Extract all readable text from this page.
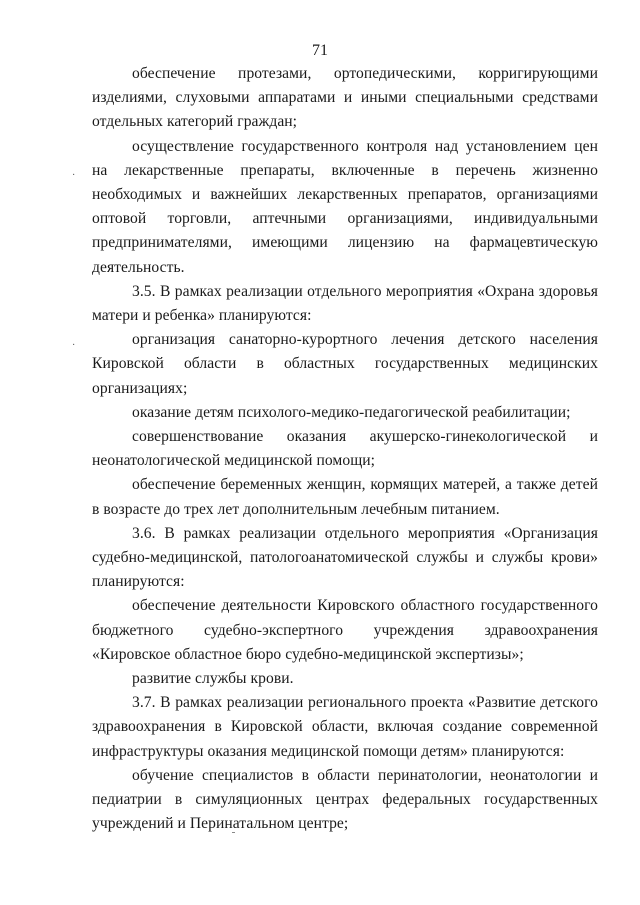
71

обеспечение протезами, ортопедическими, корригирующими изделиями, слуховыми аппаратами и иными специальными средствами отдельных категорий граждан;

осуществление государственного контроля над установлением цен на лекарственные препараты, включенные в перечень жизненно необходимых и важнейших лекарственных препаратов, организациями оптовой торговли, аптечными организациями, индивидуальными предпринимателями, имеющими лицензию на фармацевтическую деятельность.

3.5. В рамках реализации отдельного мероприятия «Охрана здоровья матери и ребенка» планируются:

организация санаторно-курортного лечения детского населения Кировской области в областных государственных медицинских организациях;

оказание детям психолого-медико-педагогической реабилитации;

совершенствование оказания акушерско-гинекологической и неонатологической медицинской помощи;

обеспечение беременных женщин, кормящих матерей, а также детей в возрасте до трех лет дополнительным лечебным питанием.

3.6. В рамках реализации отдельного мероприятия «Организация судебно-медицинской, патологоанатомической службы и службы крови» планируются:

обеспечение деятельности Кировского областного государственного бюджетного судебно-экспертного учреждения здравоохранения «Кировское областное бюро судебно-медицинской экспертизы»;

развитие службы крови.

3.7. В рамках реализации регионального проекта «Развитие детского здравоохранения в Кировской области, включая создание современной инфраструктуры оказания медицинской помощи детям» планируются:

обучение специалистов в области перинатологии, неонатологии и педиатрии в симуляционных центрах федеральных государственных учреждений и Перинатальном центре;

·
·
